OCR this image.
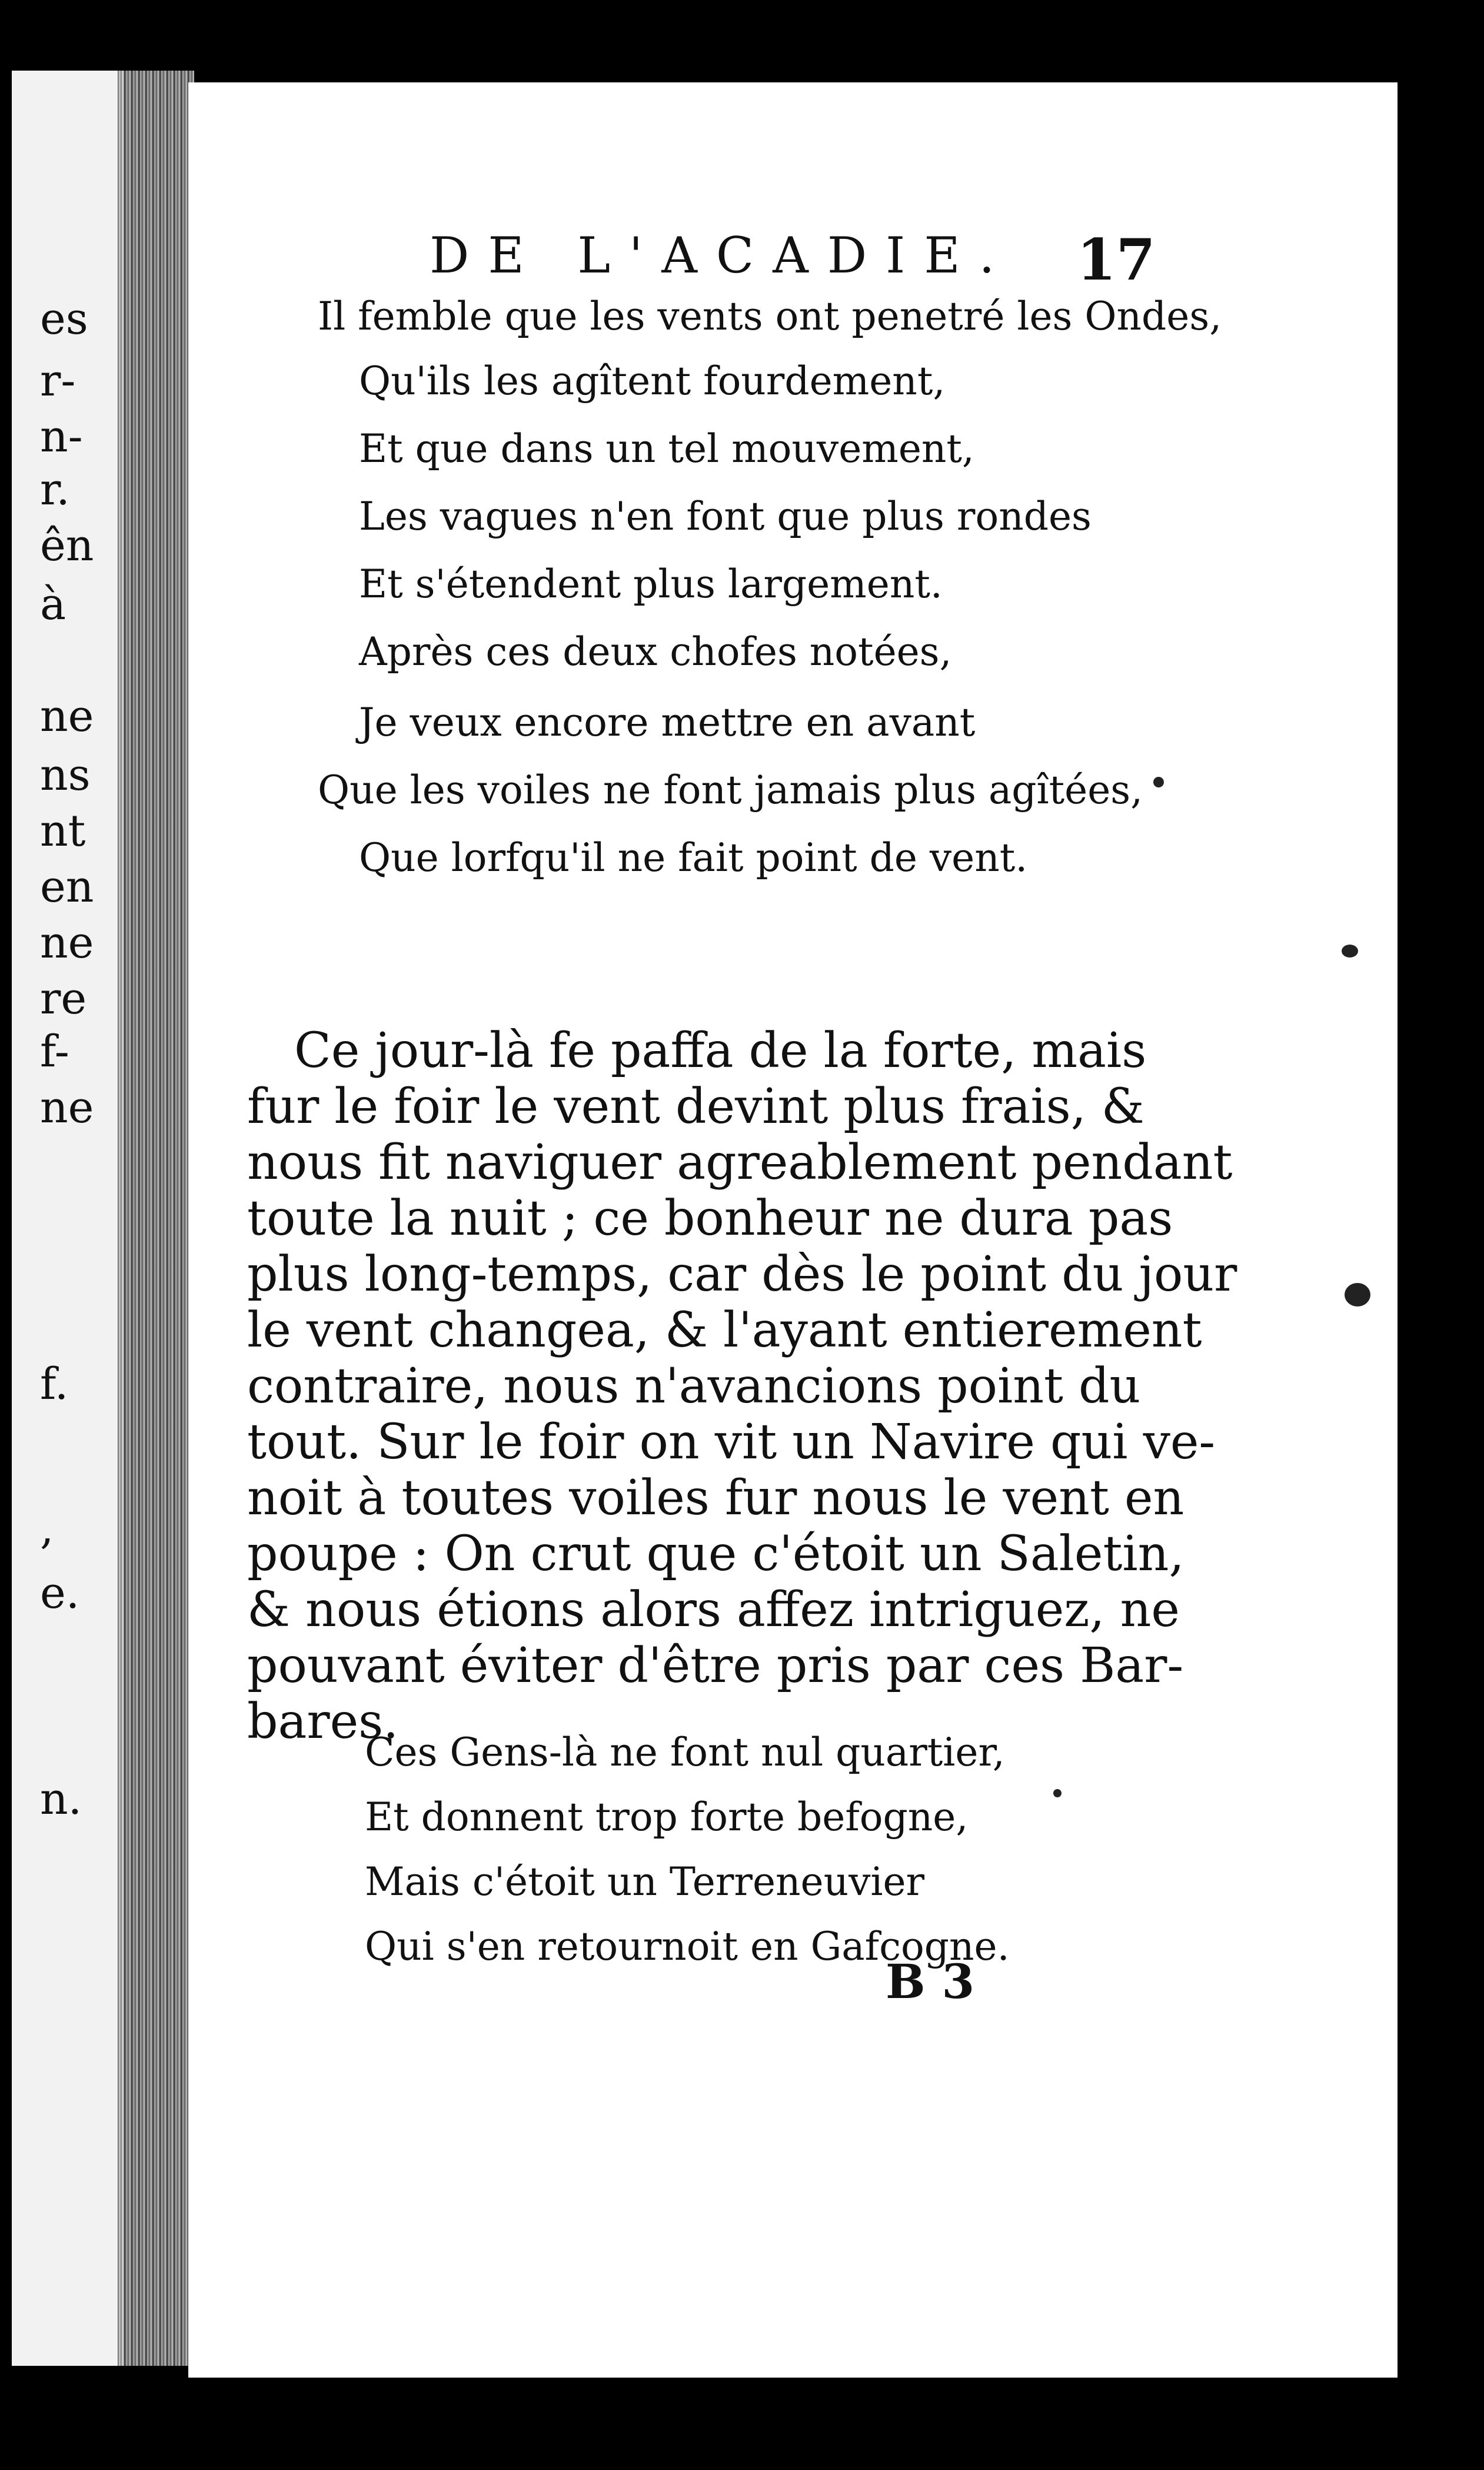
es
r-
n-
r.
ên
à
ne
ns
nt
en
ne
re
f-
ne
f.
,
e.
n.
DE L'ACADIE. 17
Il femble que les vents ont penetré les Ondes,
Qu'ils les agîtent fourdement,
Et que dans un tel mouvement,
Les vagues n'en font que plus rondes
Et s'étendent plus largement.
Après ces deux chofes notées,
Je veux encore mettre en avant
Que les voiles ne font jamais plus agîtées,
Que lorfqu'il ne fait point de vent.
Ce jour-là fe paffa de la forte, mais
fur le foir le vent devint plus frais, &
nous fit naviguer agreablement pendant
toute la nuit ; ce bonheur ne dura pas
plus long-temps, car dès le point du jour
le vent changea, & l'ayant entierement
contraire, nous n'avancions point du
tout. Sur le foir on vit un Navire qui ve-
noit à toutes voiles fur nous le vent en
poupe : On crut que c'étoit un Saletin,
& nous étions alors affez intriguez, ne
pouvant éviter d'être pris par ces Bar-
bares.
Ces Gens-là ne font nul quartier,
Et donnent trop forte befogne,
Mais c'étoit un Terreneuvier
Qui s'en retournoit en Gafcogne.
B 3
